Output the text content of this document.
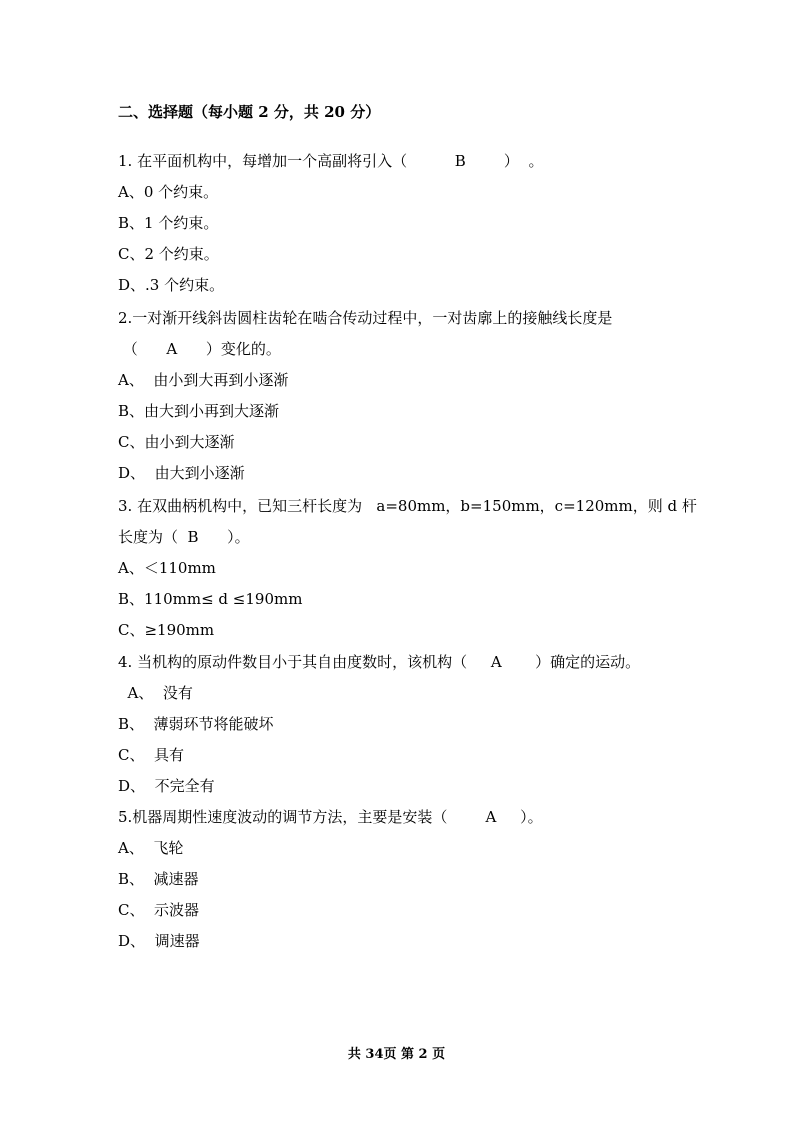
二、选择题（每小题 2 分，共 20 分）

1. 在平面机构中，每增加一个高副将引入（          B        ）  。

A、0 个约束。

B、1 个约束。

C、2 个约束。

D、.3 个约束。

2.一对渐开线斜齿圆柱齿轮在啮合传动过程中，一对齿廓上的接触线长度是

（      A      ）变化的。

A、  由小到大再到小逐渐

B、由大到小再到大逐渐

C、由小到大逐渐

D、  由大到小逐渐

3. 在双曲柄机构中，已知三杆长度为   a=80mm，b=150mm，c=120mm，则 d 杆

长度为（  B      ）。

A、＜110mm

B、110mm≤ d ≤190mm

C、≥190mm

4. 当机构的原动件数目小于其自由度数时，该机构（     A       ）确定的运动。

A、  没有

B、  薄弱环节将能破坏

C、  具有

D、  不完全有

5.机器周期性速度波动的调节方法，主要是安装（        A     ）。

A、  飞轮

B、  减速器

C、  示波器

D、  调速器

共 34页 第 2 页
